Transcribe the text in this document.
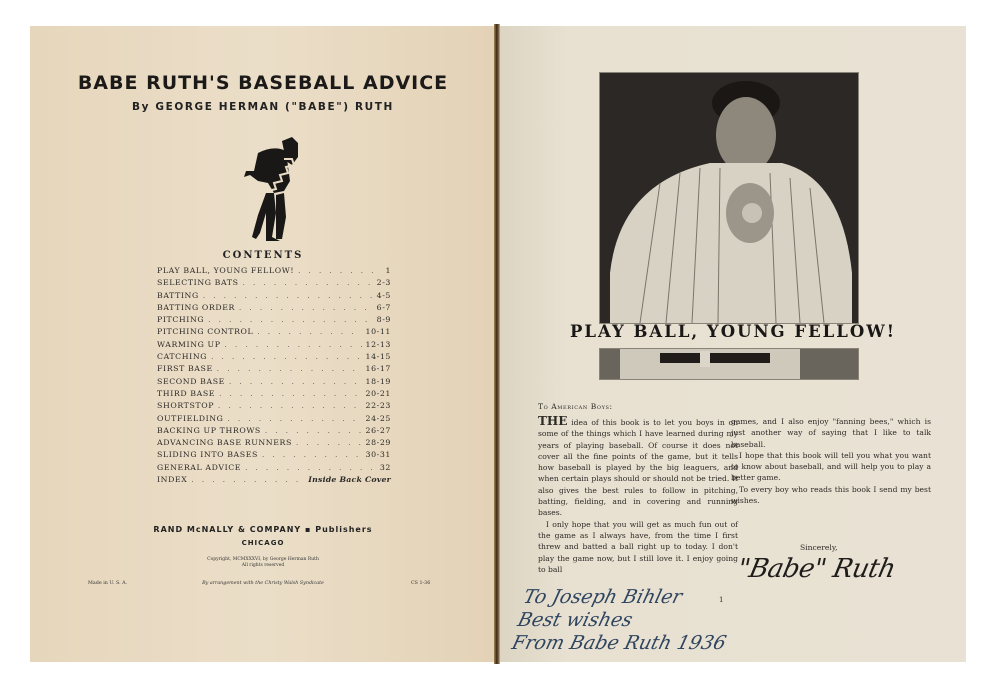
BABE RUTH'S BASEBALL ADVICE
By GEORGE HERMAN ("BABE") RUTH
CONTENTS
PLAY BALL, YOUNG FELLOW! . . .	1
SELECTING BATS . . .	2-3
BATTING . . .	4-5
BATTING ORDER . . .	6-7
PITCHING . . .	8-9
PITCHING CONTROL . . .	10-11
WARMING UP . . .	12-13
CATCHING . . .	14-15
FIRST BASE . . .	16-17
SECOND BASE . . .	18-19
THIRD BASE . . .	20-21
SHORTSTOP . . .	22-23
OUTFIELDING . . .	24-25
BACKING UP THROWS . . .	26-27
ADVANCING BASE RUNNERS . . .	28-29
SLIDING INTO BASES . . .	30-31
GENERAL ADVICE . . .	32
INDEX . . .	Inside Back Cover
RAND McNALLY & COMPANY ▪ Publishers
CHICAGO
Copyright, MCMXXXVI, by George Herman Ruth
All rights reserved
Made in U. S. A.	By arrangement with the Christy Walsh Syndicate	CS 1-36
PLAY BALL, YOUNG FELLOW!
To American Boys:

THE idea of this book is to let you boys in on some of the things which I have learned during my years of playing baseball. Of course it does not cover all the fine points of the game, but it tells how baseball is played by the big leaguers, and when certain plays should or should not be tried. It also gives the best rules to follow in pitching, batting, fielding, and in covering and running bases.

I only hope that you will get as much fun out of the game as I always have, from the time I first threw and batted a ball right up to today. I don't play the game now, but I still love it. I enjoy going to ball

games, and I also enjoy "fanning bees," which is just another way of saying that I like to talk baseball.

I hope that this book will tell you what you want to know about baseball, and will help you to play a better game.

To every boy who reads this book I send my best wishes.

Sincerely,
"Babe" Ruth
1
To Joseph Bihler
Best wishes
From Babe Ruth 1936
